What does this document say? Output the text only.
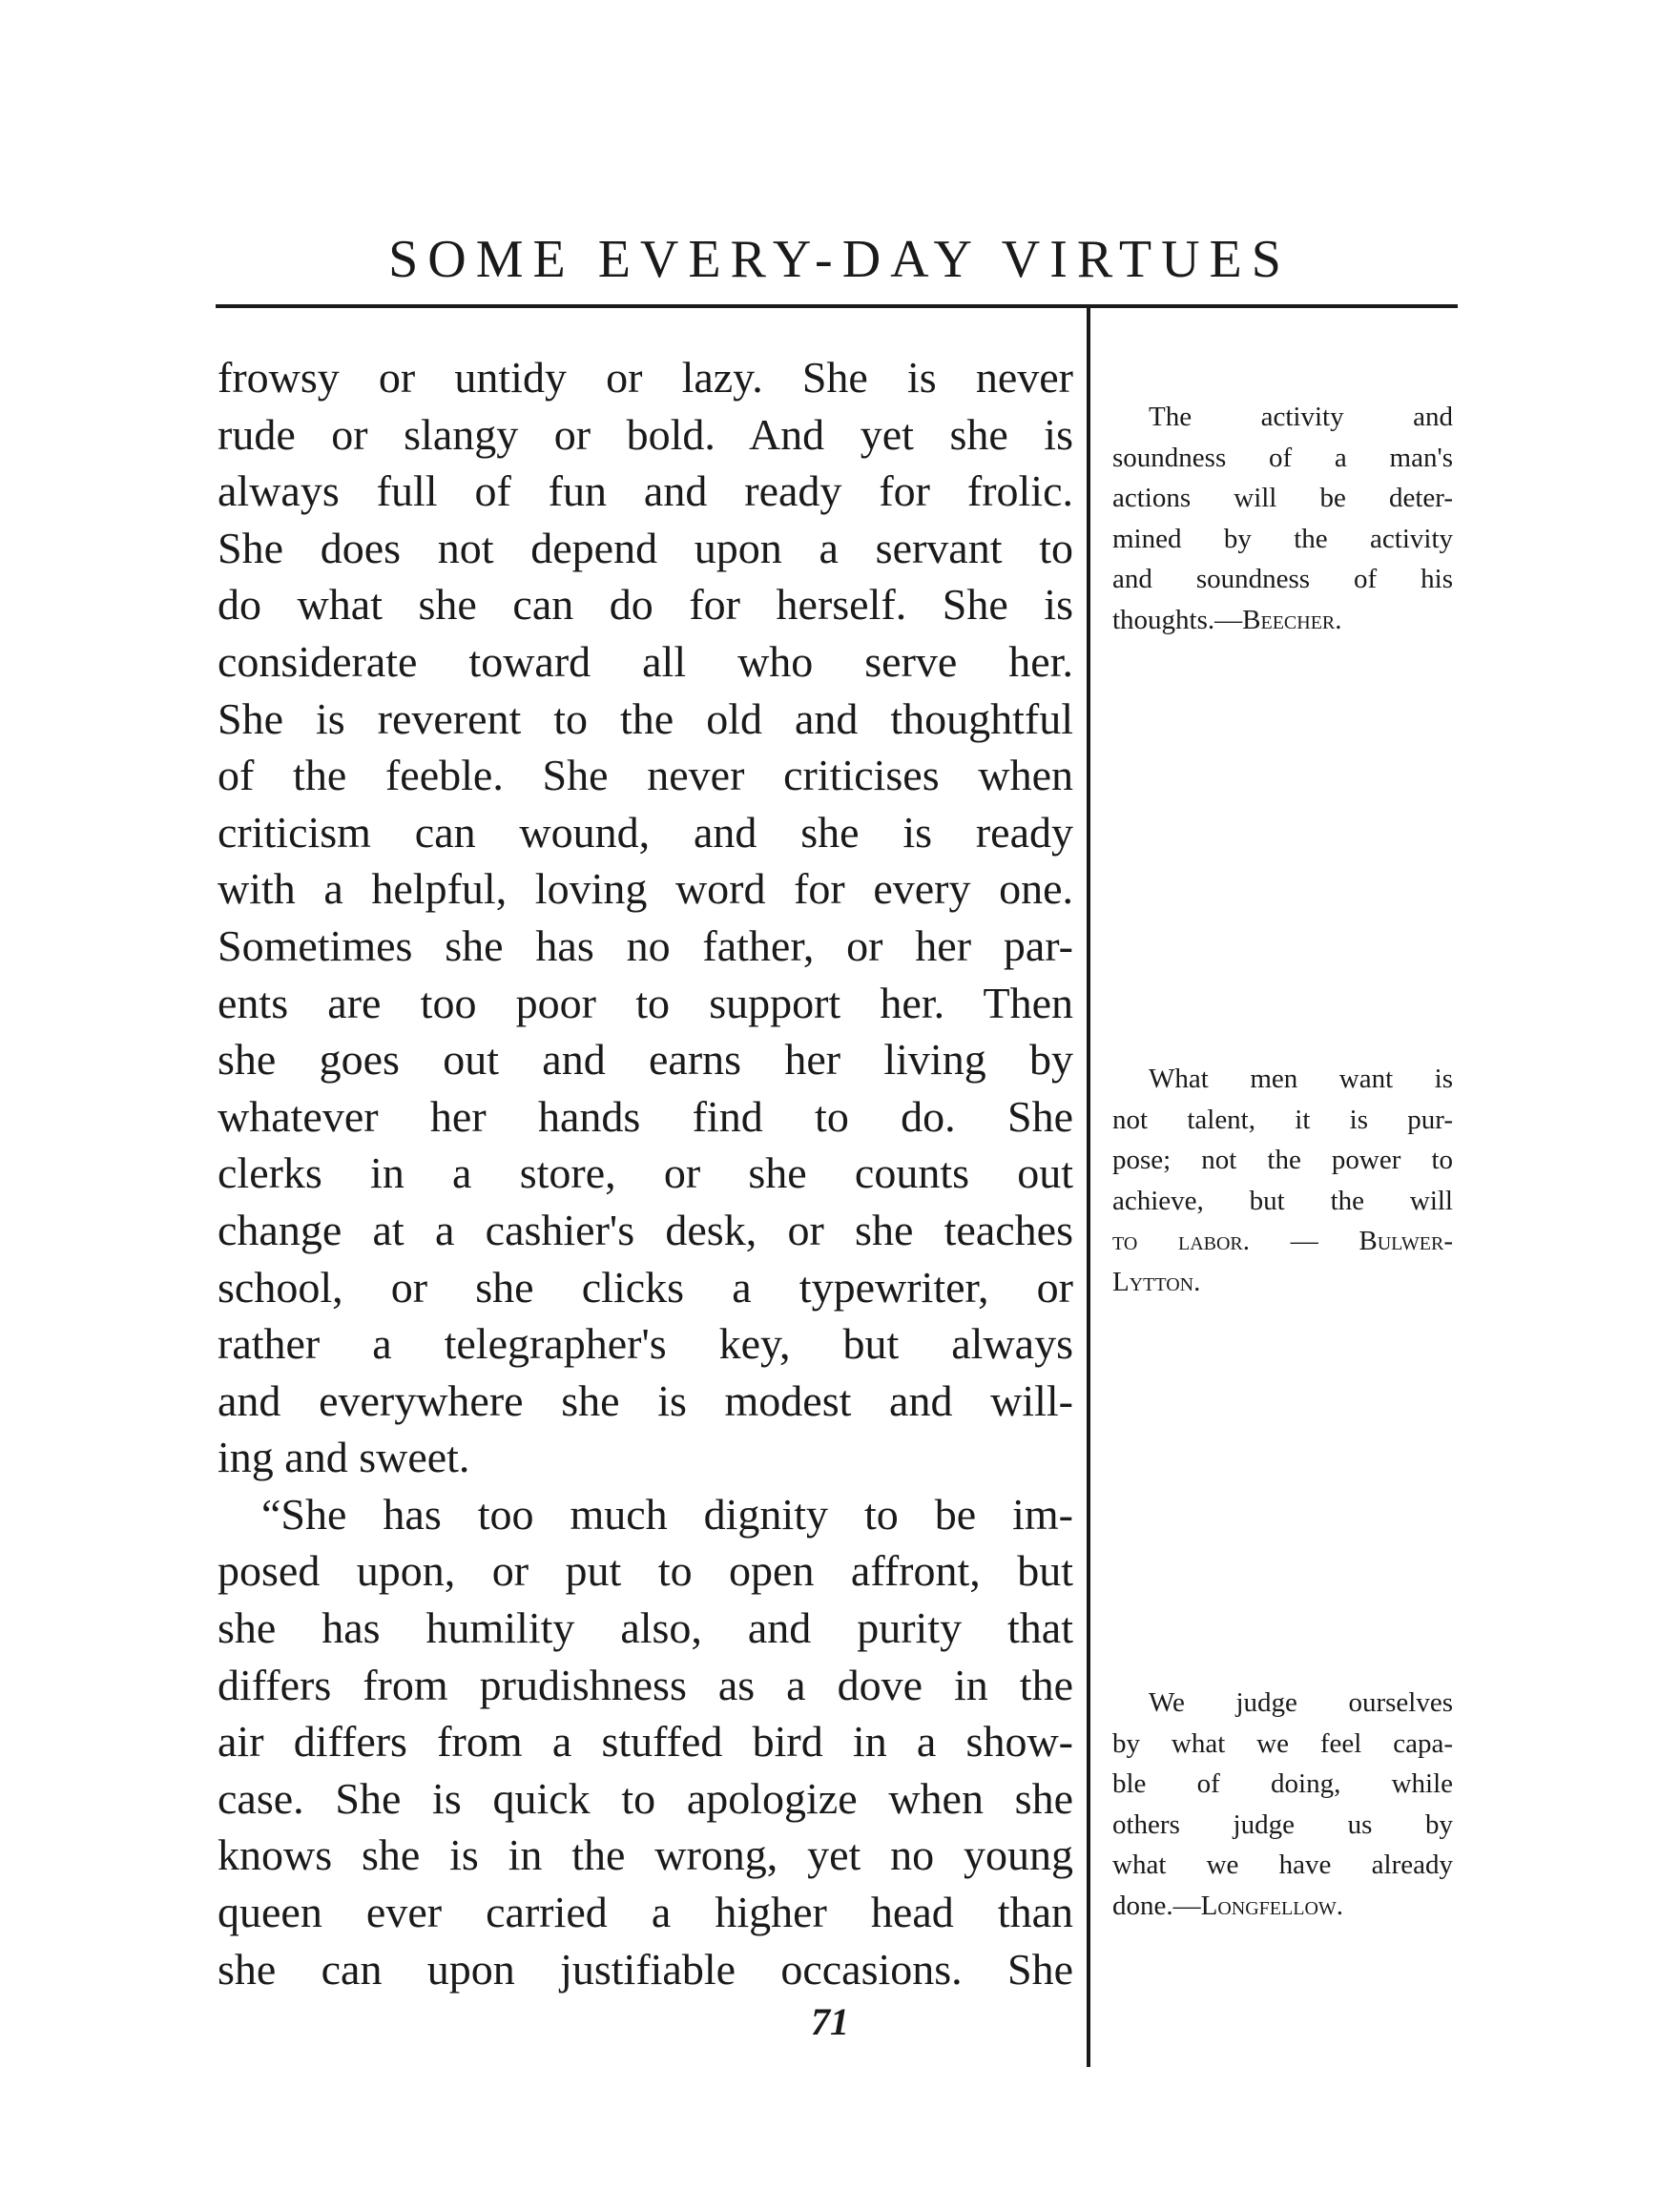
SOME EVERY-DAY VIRTUES
frowsy or untidy or lazy. She is never
rude or slangy or bold. And yet she is
always full of fun and ready for frolic.
She does not depend upon a servant to
do what she can do for herself. She is
considerate toward all who serve her.
She is reverent to the old and thoughtful
of the feeble. She never criticises when
criticism can wound, and she is ready
with a helpful, loving word for every one.
Sometimes she has no father, or her par-
ents are too poor to support her. Then
she goes out and earns her living by
whatever her hands find to do. She
clerks in a store, or she counts out
change at a cashier's desk, or she teaches
school, or she clicks a typewriter, or
rather a telegrapher's key, but always
and everywhere she is modest and will-
ing and sweet.
“She has too much dignity to be im-
posed upon, or put to open affront, but
she has humility also, and purity that
differs from prudishness as a dove in the
air differs from a stuffed bird in a show-
case. She is quick to apologize when she
knows she is in the wrong, yet no young
queen ever carried a higher head than
she can upon justifiable occasions. She
The activity and
soundness of a man's
actions will be deter-
mined by the activity
and soundness of his
thoughts.—Beecher.
What men want is
not talent, it is pur-
pose; not the power to
achieve, but the will
to labor. — Bulwer-
Lytton.
We judge ourselves
by what we feel capa-
ble of doing, while
others judge us by
what we have already
done.—Longfellow.
71
